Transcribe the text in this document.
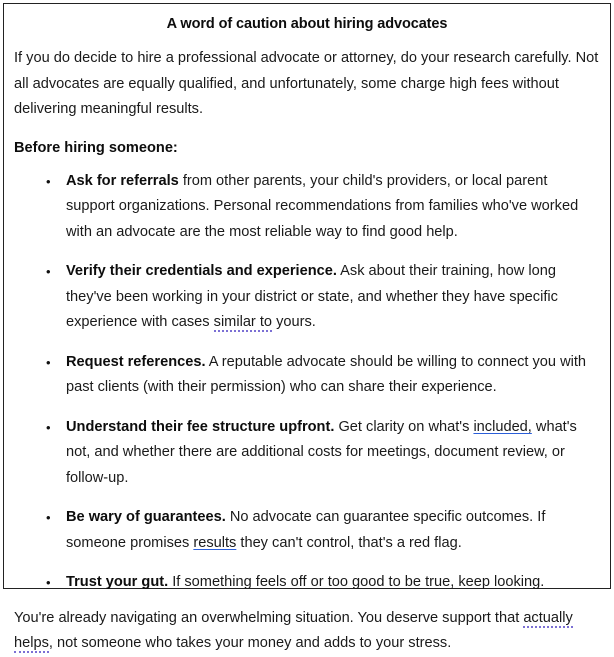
A word of caution about hiring advocates

If you do decide to hire a professional advocate or attorney, do your research carefully. Not all advocates are equally qualified, and unfortunately, some charge high fees without delivering meaningful results.

Before hiring someone:

•	Ask for referrals from other parents, your child's providers, or local parent support organizations. Personal recommendations from families who've worked with an advocate are the most reliable way to find good help.
•	Verify their credentials and experience. Ask about their training, how long they've been working in your district or state, and whether they have specific experience with cases similar to yours.
•	Request references. A reputable advocate should be willing to connect you with past clients (with their permission) who can share their experience.
•	Understand their fee structure upfront. Get clarity on what's included, what's not, and whether there are additional costs for meetings, document review, or follow-up.
•	Be wary of guarantees. No advocate can guarantee specific outcomes. If someone promises results they can't control, that's a red flag.
•	Trust your gut. If something feels off or too good to be true, keep looking.

You're already navigating an overwhelming situation. You deserve support that actually helps, not someone who takes your money and adds to your stress.
